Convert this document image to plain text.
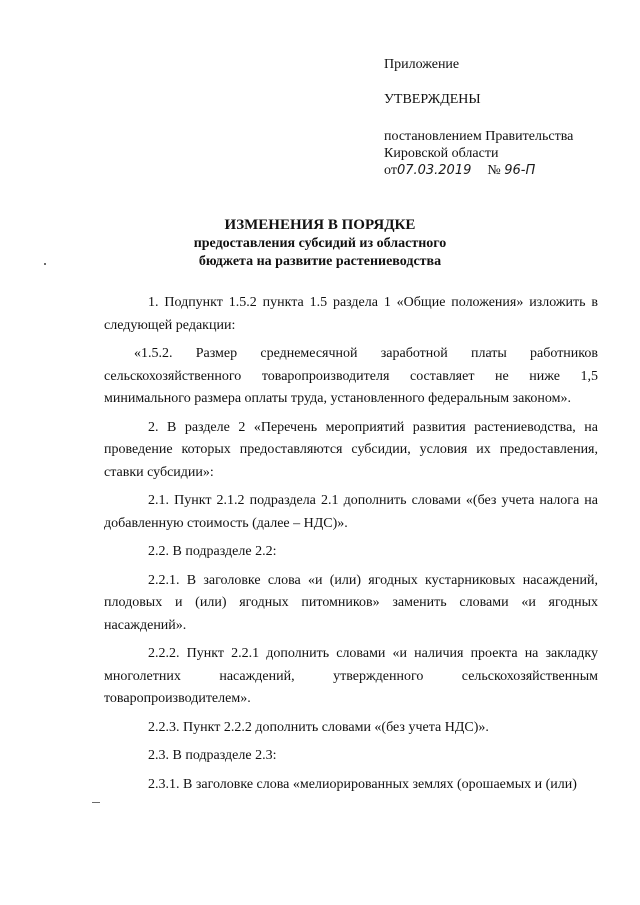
Приложение
УТВЕРЖДЕНЫ
постановлением Правительства
Кировской области
от07.03.2019 № 96-П
ИЗМЕНЕНИЯ В ПОРЯДКЕ
предоставления субсидий из областного
бюджета на развитие растениеводства

1. Подпункт 1.5.2 пункта 1.5 раздела 1 «Общие положения» изложить в следующей редакции:

«1.5.2. Размер среднемесячной заработной платы работников сельскохозяйственного товаропроизводителя составляет не ниже 1,5 минимального размера оплаты труда, установленного федеральным законом».

2. В разделе 2 «Перечень мероприятий развития растениеводства, на проведение которых предоставляются субсидии, условия их предоставления, ставки субсидии»:

2.1. Пункт 2.1.2 подраздела 2.1 дополнить словами «(без учета налога на добавленную стоимость (далее – НДС)».

2.2. В подразделе 2.2:

2.2.1. В заголовке слова «и (или) ягодных кустарниковых насаждений, плодовых и (или) ягодных питомников» заменить словами «и ягодных насаждений».

2.2.2. Пункт 2.2.1 дополнить словами «и наличия проекта на закладку многолетних насаждений, утвержденного сельскохозяйственным товаропроизводителем».

2.2.3. Пункт 2.2.2 дополнить словами «(без учета НДС)».

2.3. В подразделе 2.3:

2.3.1. В заголовке слова «мелиорированных землях (орошаемых и (или)
